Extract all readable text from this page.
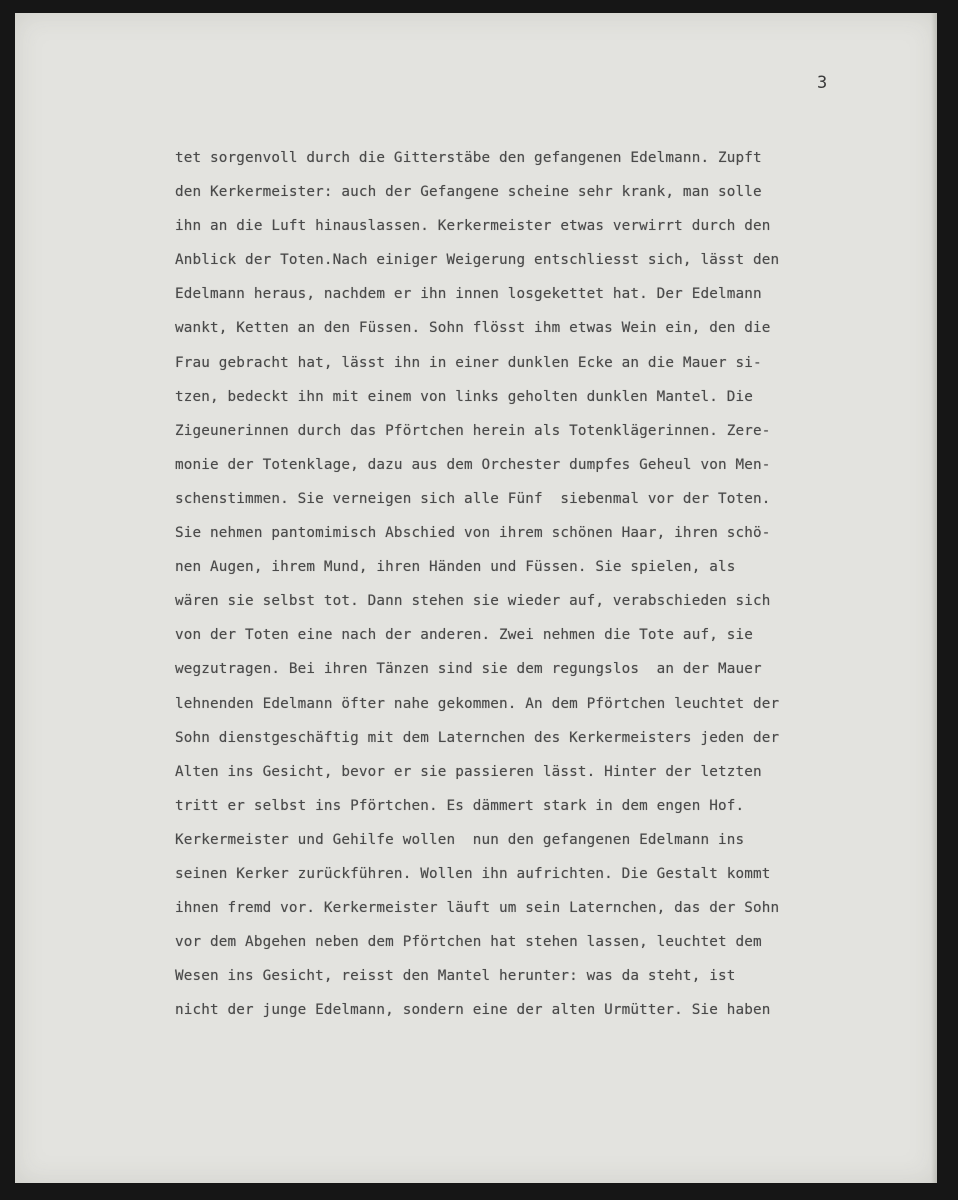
3
tet sorgenvoll durch die Gitterstäbe den gefangenen Edelmann. Zupft
den Kerkermeister: auch der Gefangene scheine sehr krank, man solle
ihn an die Luft hinauslassen. Kerkermeister etwas verwirrt durch den
Anblick der Toten.Nach einiger Weigerung entschliesst sich, lässt den
Edelmann heraus, nachdem er ihn innen losgekettet hat. Der Edelmann
wankt, Ketten an den Füssen. Sohn flösst ihm etwas Wein ein, den die
Frau gebracht hat, lässt ihn in einer dunklen Ecke an die Mauer si-
tzen, bedeckt ihn mit einem von links geholten dunklen Mantel. Die
Zigeunerinnen durch das Pförtchen herein als Totenklägerinnen. Zere-
monie der Totenklage, dazu aus dem Orchester dumpfes Geheul von Men-
schenstimmen. Sie verneigen sich alle Fünf  siebenmal vor der Toten.
Sie nehmen pantomimisch Abschied von ihrem schönen Haar, ihren schö-
nen Augen, ihrem Mund, ihren Händen und Füssen. Sie spielen, als
wären sie selbst tot. Dann stehen sie wieder auf, verabschieden sich
von der Toten eine nach der anderen. Zwei nehmen die Tote auf, sie
wegzutragen. Bei ihren Tänzen sind sie dem regungslos  an der Mauer
lehnenden Edelmann öfter nahe gekommen. An dem Pförtchen leuchtet der
Sohn dienstgeschäftig mit dem Laternchen des Kerkermeisters jeden der
Alten ins Gesicht, bevor er sie passieren lässt. Hinter der letzten
tritt er selbst ins Pförtchen. Es dämmert stark in dem engen Hof.
Kerkermeister und Gehilfe wollen  nun den gefangenen Edelmann ins
seinen Kerker zurückführen. Wollen ihn aufrichten. Die Gestalt kommt
ihnen fremd vor. Kerkermeister läuft um sein Laternchen, das der Sohn
vor dem Abgehen neben dem Pförtchen hat stehen lassen, leuchtet dem
Wesen ins Gesicht, reisst den Mantel herunter: was da steht, ist
nicht der junge Edelmann, sondern eine der alten Urmütter. Sie haben
